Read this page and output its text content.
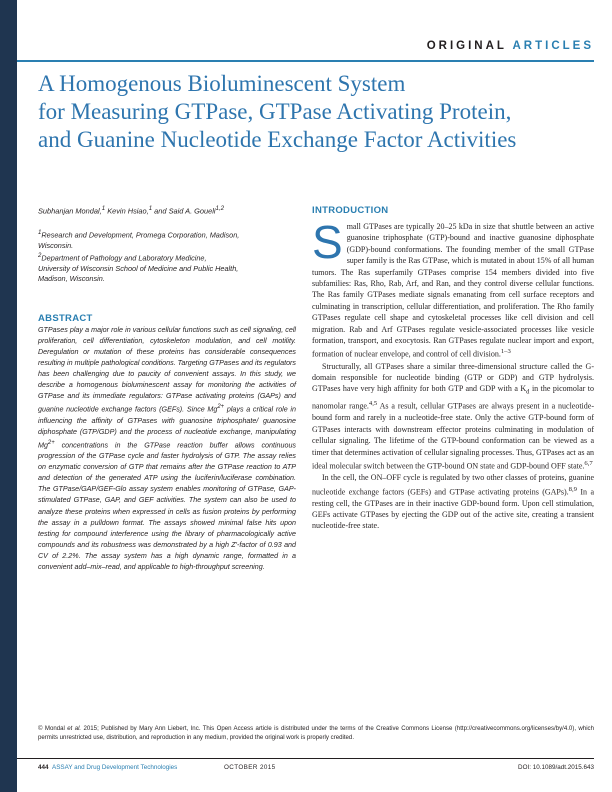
ORIGINAL ARTICLES
A Homogenous Bioluminescent System
for Measuring GTPase, GTPase Activating Protein,
and Guanine Nucleotide Exchange Factor Activities
Subhanjan Mondal,$^1$ Kevin Hsiao,$^1$ and Said A. Goueli$^{1,2}$

$^1$Research and Development, Promega Corporation, Madison,

Wisconsin.

$^2$Department of Pathology and Laboratory Medicine,

University of Wisconsin School of Medicine and Public Health,

Madison, Wisconsin.

ABSTRACT

GTPases play a major role in various cellular functions such as cell signaling, cell proliferation, cell differentiation, cytoskeleton modulation, and cell motility. Deregulation or mutation of these proteins has considerable consequences resulting in multiple pathological conditions. Targeting GTPases and its regulators has been challenging due to paucity of convenient assays. In this study, we describe a homogenous bioluminescent assay for monitoring the activities of GTPase and its immediate regulators: GTPase activating proteins (GAPs) and guanine nucleotide exchange factors (GEFs). Since $Mg^{2+}$ plays a critical role in influencing the affinity of GTPases with guanosine triphosphate/ guanosine diphosphate (GTP/GDP) and the process of nucleotide exchange, manipulating $Mg^{2+}$ concentrations in the GTPase reaction buffer allows continuous progression of the GTPase cycle and faster hydrolysis of GTP. The assay relies on enzymatic conversion of GTP that remains after the GTPase reaction to ATP and detection of the generated ATP using the luciferin/luciferase combination. The GTPase/GAP/GEF-Glo assay system enables monitoring of GTPase, GAP-stimulated GTPase, GAP, and GEF activities. The system can also be used to analyze these proteins when expressed in cells as fusion proteins by performing the assay in a pulldown format. The assays showed minimal false hits upon testing for compound interference using the library of pharmacologically active compounds and its robustness was demonstrated by a high Z′-factor of 0.93 and CV of 2.2%. The assay system has a high dynamic range, formatted in a convenient add–mix–read, and applicable to high-throughput screening.

INTRODUCTION

Small GTPases are typically 20–25 kDa in size that shuttle between an active guanosine triphosphate (GTP)-bound and inactive guanosine diphosphate (GDP)-bound conformations. The founding member of the small GTPase super family is the Ras GTPase, which is mutated in about 15% of all human tumors. The Ras superfamily GTPases comprise 154 members divided into five subfamilies: Ras, Rho, Rab, Arf, and Ran, and they control diverse cellular functions. The Ras family GTPases mediate signals emanating from cell surface receptors and culminating in transcription, cellular differentiation, and proliferation. The Rho family GTPases regulate cell shape and cytoskeletal processes like cell division and cell migration. Rab and Arf GTPases regulate vesicle-associated processes like vesicle formation, transport, and exocytosis. Ran GTPases regulate nuclear import and export, formation of nuclear envelope, and control of cell division.$^{1-3}$

Structurally, all GTPases share a similar three-dimensional structure called the G-domain responsible for nucleotide binding (GTP or GDP) and GTP hydrolysis. GTPases have very high affinity for both GTP and GDP with a $K_d$ in the picomolar to nanomolar range.$^{4,5}$ As a result, cellular GTPases are always present in a nucleotide-bound form and rarely in a nucleotide-free state. Only the active GTP-bound form of GTPases interacts with downstream effector proteins culminating in modulation of cellular signaling. The lifetime of the GTP-bound conformation can be viewed as a timer that determines activation of cellular signaling processes. Thus, GTPases act as an ideal molecular switch between the GTP-bound ON state and GDP-bound OFF state.$^{6,7}$

In the cell, the ON–OFF cycle is regulated by two other classes of proteins, guanine nucleotide exchange factors (GEFs) and GTPase activating proteins (GAPs).$^{8,9}$ In a resting cell, the GTPases are in their inactive GDP-bound form. Upon cell stimulation, GEFs activate GTPases by ejecting the GDP out of the active site, creating a transient nucleotide-free state.

© Mondal et al. 2015; Published by Mary Ann Liebert, Inc. This Open Access article is distributed under the terms of the Creative Commons License (http://creativecommons.org/licenses/by/4.0), which permits unrestricted use, distribution, and reproduction in any medium, provided the original work is properly credited.

444 ASSAY and Drug Development Technologies	OCTOBER 2015	DOI: 10.1089/adt.2015.643
